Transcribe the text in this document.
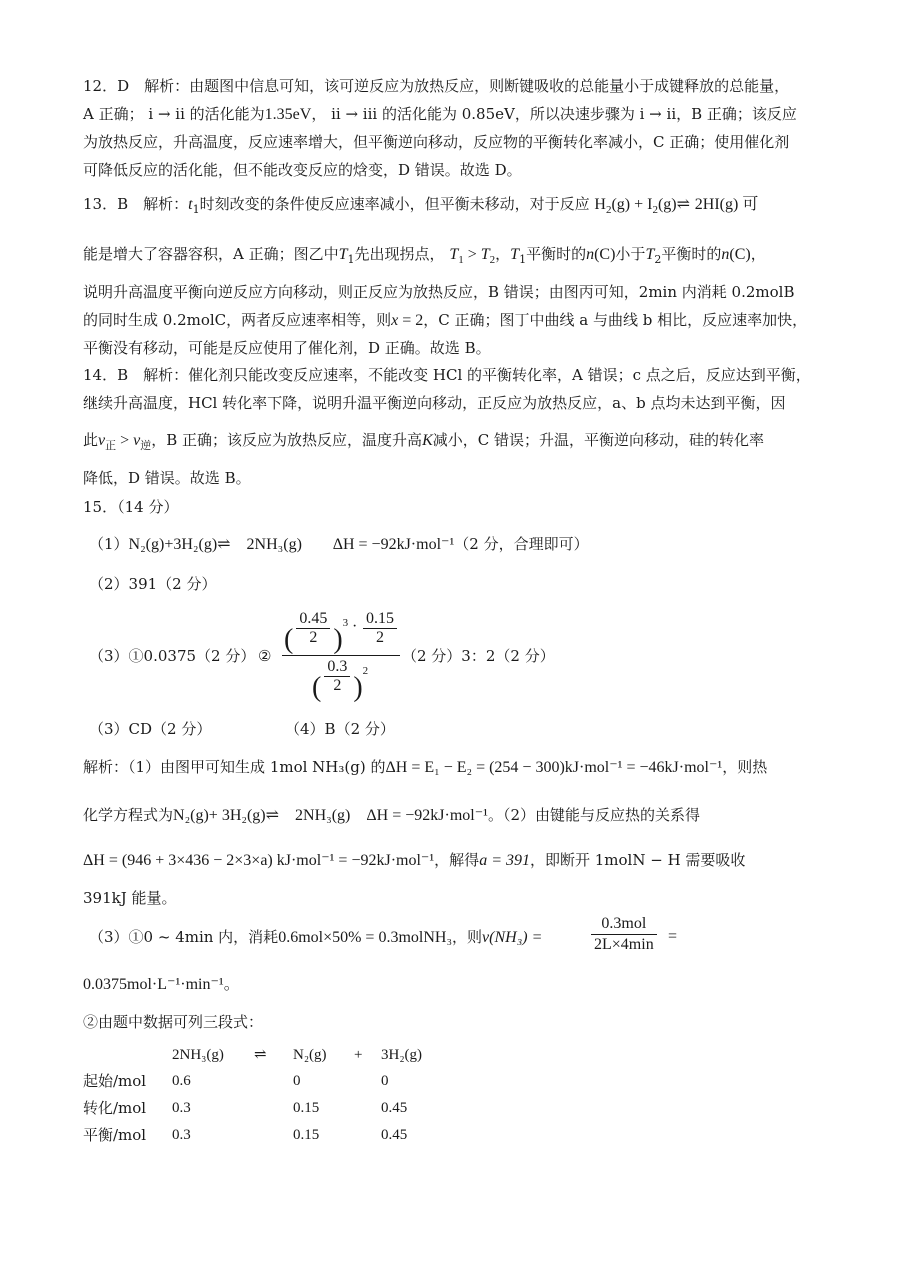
12．D　解析：由题图中信息可知，该可逆反应为放热反应，则断键吸收的总能量小于成键释放的总能量，
A 正确； i → ii 的活化能为1.35eV， ii → iii 的活化能为 0.85eV，所以决速步骤为 i → ii，B 正确；该反应
为放热反应，升高温度，反应速率增大，但平衡逆向移动，反应物的平衡转化率减小，C 正确；使用催化剂
可降低反应的活化能，但不能改变反应的焓变，D 错误。故选 D。
13．B　解析：$t_1$时刻改变的条件使反应速率减小，但平衡未移动，对于反应 $H_2(g)$ + $I_2(g)\rightleftharpoons$ 2HI(g) 可
能是增大了容器容积，A 正确；图乙中$T_1$先出现拐点， $T_1 > T_2$，$T_1$平衡时的n(C)小于$T_2$平衡时的n(C)，
说明升高温度平衡向逆反应方向移动，则正反应为放热反应，B 错误；由图丙可知，2min 内消耗 0.2molB
的同时生成 0.2molC，两者反应速率相等，则x = 2，C 正确；图丁中曲线 a 与曲线 b 相比，反应速率加快，
平衡没有移动，可能是反应使用了催化剂，D 正确。故选 B。
14．B　解析：催化剂只能改变反应速率，不能改变 HCl 的平衡转化率，A 错误；c 点之后，反应达到平衡，
继续升高温度，HCl 转化率下降，说明升温平衡逆向移动，正反应为放热反应，a、b 点均未达到平衡，因
此$v_正 > v_逆$，B 正确；该反应为放热反应，温度升高K减小，C 错误；升温，平衡逆向移动，硅的转化率
降低，D 错误。故选 B。
15．（14 分）
（1）N₂(g)+3H₂(g)⇌　2NH₃(g) ΔH = −92kJ·mol⁻¹（2 分，合理即可）
（2）391（2 分）
（3）①0.0375（2 分） ②
( $\frac{0.45}{2} )^3 \cdot \frac{0.15}{2}$
( $\frac{0.3}{2} )^2$
（2 分）3：2（2 分）
（3）CD（2 分）	（4）B（2 分）
解析：（1）由图甲可知生成 1mol NH₃(g) 的ΔH = E₁ − E₂ = (254 − 300)kJ·mol⁻¹ = −46kJ·mol⁻¹，则热
化学方程式为N₂(g)+ 3H₂(g)⇌　2NH₃(g)　ΔH = −92kJ·mol⁻¹。（2）由键能与反应热的关系得
ΔH = (946 + 3×436 − 2×3×a) kJ·mol⁻¹ = −92kJ·mol⁻¹，解得a = 391，即断开 1molN − H 需要吸收
391kJ 能量。
（3）①0 ~ 4min 内，消耗0.6mol×50% = 0.3molNH₃，则v(NH₃) =	$\frac{\text{0.3mol}}{2L\times 4\min}$ =
0.0375mol·L⁻¹·min⁻¹。
②由题中数据可列三段式：
2NH₃(g) ⇌ N₂(g) + 3H₂(g)
起始/mol 0.6	0	0
转化/mol 0.3	0.15	0.45
平衡/mol 0.3	0.15	0.45
